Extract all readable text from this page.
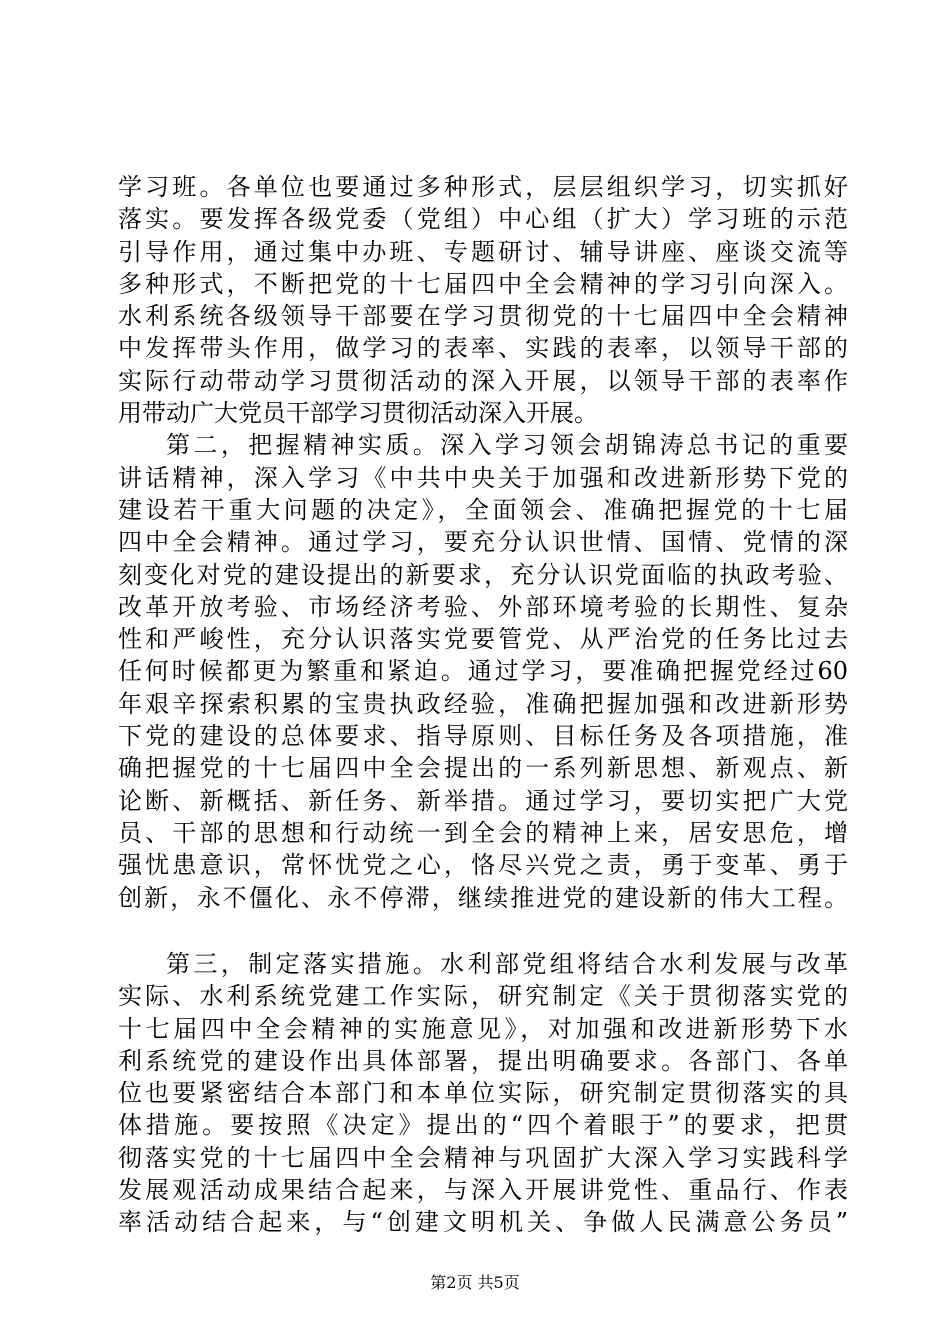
学习班。各单位也要通过多种形式，层层组织学习，切实抓好
落实。要发挥各级党委（党组）中心组（扩大）学习班的示范
引导作用，通过集中办班、专题研讨、辅导讲座、座谈交流等
多种形式，不断把党的十七届四中全会精神的学习引向深入。
水利系统各级领导干部要在学习贯彻党的十七届四中全会精神
中发挥带头作用，做学习的表率、实践的表率，以领导干部的
实际行动带动学习贯彻活动的深入开展，以领导干部的表率作
用带动广大党员干部学习贯彻活动深入开展。
第二，把握精神实质。深入学习领会胡锦涛总书记的重要
讲话精神，深入学习《中共中央关于加强和改进新形势下党的
建设若干重大问题的决定》，全面领会、准确把握党的十七届
四中全会精神。通过学习，要充分认识世情、国情、党情的深
刻变化对党的建设提出的新要求，充分认识党面临的执政考验、
改革开放考验、市场经济考验、外部环境考验的长期性、复杂
性和严峻性，充分认识落实党要管党、从严治党的任务比过去
任何时候都更为繁重和紧迫。通过学习，要准确把握党经过60
年艰辛探索积累的宝贵执政经验，准确把握加强和改进新形势
下党的建设的总体要求、指导原则、目标任务及各项措施，准
确把握党的十七届四中全会提出的一系列新思想、新观点、新
论断、新概括、新任务、新举措。通过学习，要切实把广大党
员、干部的思想和行动统一到全会的精神上来，居安思危，增
强忧患意识，常怀忧党之心，恪尽兴党之责，勇于变革、勇于
创新，永不僵化、永不停滞，继续推进党的建设新的伟大工程。
第三，制定落实措施。水利部党组将结合水利发展与改革
实际、水利系统党建工作实际，研究制定《关于贯彻落实党的
十七届四中全会精神的实施意见》，对加强和改进新形势下水
利系统党的建设作出具体部署，提出明确要求。各部门、各单
位也要紧密结合本部门和本单位实际，研究制定贯彻落实的具
体措施。要按照《决定》提出的“四个着眼于”的要求，把贯
彻落实党的十七届四中全会精神与巩固扩大深入学习实践科学
发展观活动成果结合起来，与深入开展讲党性、重品行、作表
率活动结合起来，与“创建文明机关、争做人民满意公务员”
第2页 共5页
